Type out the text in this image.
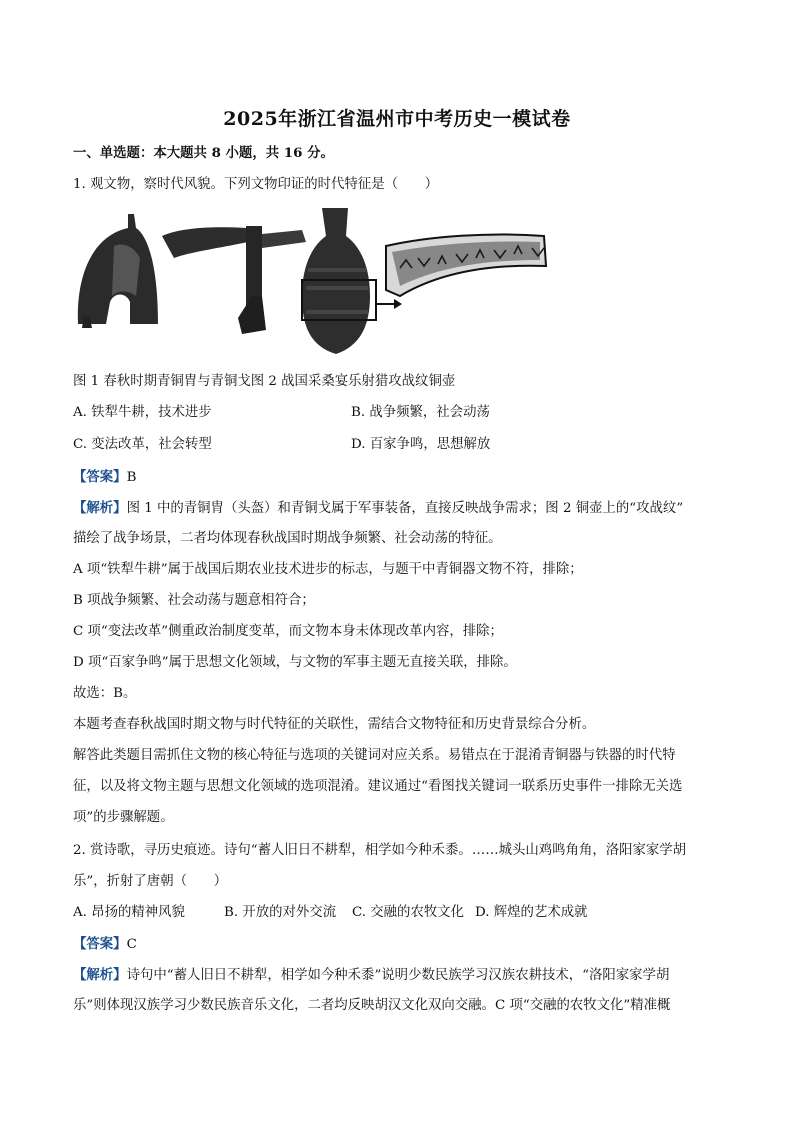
2025年浙江省温州市中考历史一模试卷
一、单选题：本大题共 8 小题，共 16 分。
1. 观文物，察时代风貌。下列文物印证的时代特征是（　　）
图 1 春秋时期青铜胄与青铜戈图 2 战国采桑宴乐射猎攻战纹铜壶
A. 铁犁牛耕，技术进步	B. 战争频繁，社会动荡
C. 变法改革，社会转型	D. 百家争鸣，思想解放
【答案】B
【解析】图 1 中的青铜胄（头盔）和青铜戈属于军事装备，直接反映战争需求；图 2 铜壶上的“攻战纹”
描绘了战争场景，二者均体现春秋战国时期战争频繁、社会动荡的特征。
A 项“铁犁牛耕”属于战国后期农业技术进步的标志，与题干中青铜器文物不符，排除；
B 项战争频繁、社会动荡与题意相符合；
C 项“变法改革”侧重政治制度变革，而文物本身未体现改革内容，排除；
D 项“百家争鸣”属于思想文化领域，与文物的军事主题无直接关联，排除。
故选：B。
本题考查春秋战国时期文物与时代特征的关联性，需结合文物特征和历史背景综合分析。
解答此类题目需抓住文物的核心特征与选项的关键词对应关系。易错点在于混淆青铜器与铁器的时代特
征，以及将文物主题与思想文化领域的选项混淆。建议通过“看图找关键词一联系历史事件一排除无关选
项”的步骤解题。
2. 赏诗歌，寻历史痕迹。诗句“蓄人旧日不耕犁，相学如今种禾黍。……城头山鸡鸣角角，洛阳家家学胡
乐”，折射了唐朝（　　）
A. 昂扬的精神风貌	B. 开放的对外交流 C. 交融的农牧文化 D. 辉煌的艺术成就
【答案】C
【解析】诗句中“蓄人旧日不耕犁，相学如今种禾黍”说明少数民族学习汉族农耕技术，“洛阳家家学胡
乐”则体现汉族学习少数民族音乐文化，二者均反映胡汉文化双向交融。C 项“交融的农牧文化”精准概
